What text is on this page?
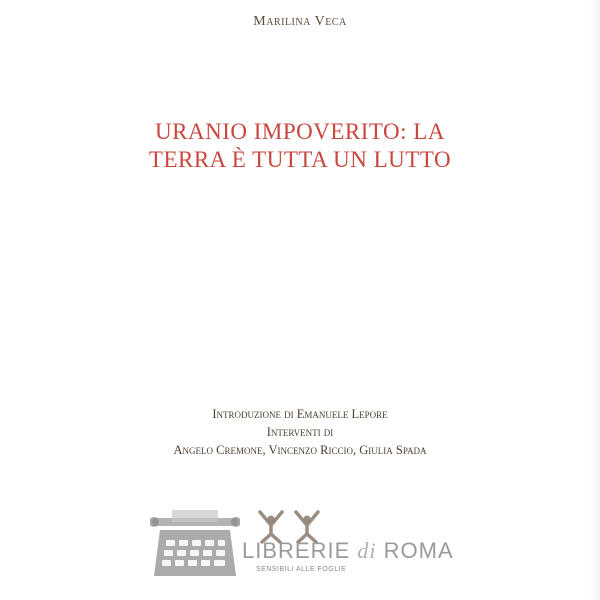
Marilina Veca
URANIO IMPOVERITO: LA
TERRA È TUTTA UN LUTTO
Introduzione di Emanuele Lepore
Interventi di
Angelo Cremone, Vincenzo Riccio, Giulia Spada
LIBRERIE di ROMA
SENSIBILI ALLE FOGLIE
